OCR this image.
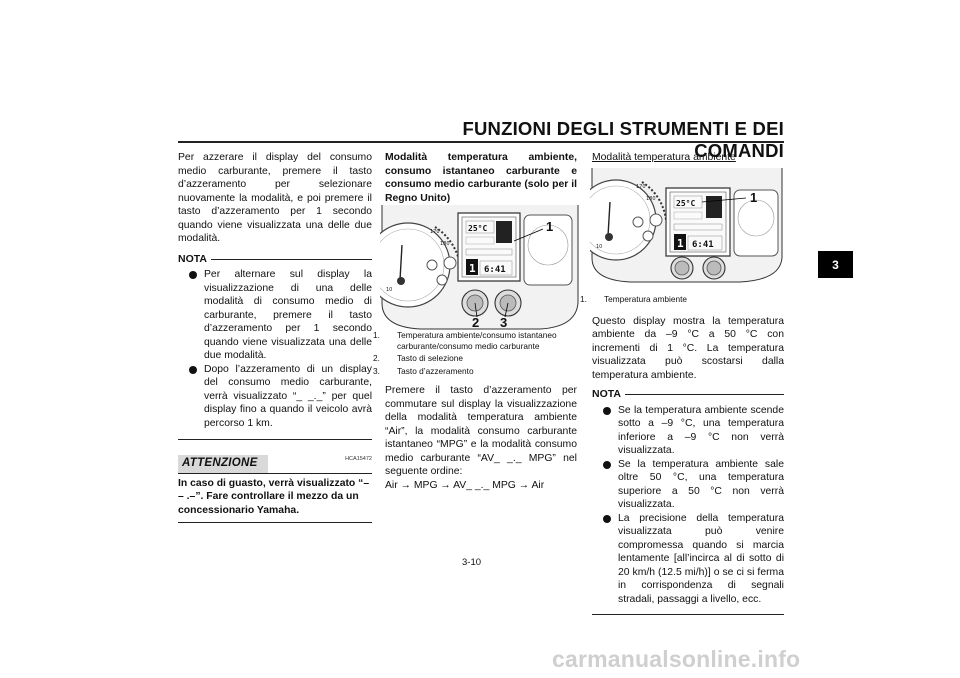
FUNZIONI DEGLI STRUMENTI E DEI COMANDI
3

Per azzerare il display del consumo medio carburante, premere il tasto d’azzeramento per selezionare nuovamente la modalità, e poi premere il tasto d’azzeramento per 1 secondo quando viene visualizzata una delle due modalità.

NOTA
Per alternare sul display la visualizzazione di una delle modalità di consumo medio di carburante, premere il tasto d’azzeramento per 1 secondo quando viene visualizzata una delle due modalità.
Dopo l’azzeramento di un display del consumo medio carburante, verrà visualizzato “_ _._” per quel display fino a quando il veicolo avrà percorso 1 km.
ATTENZIONE	HCA15472

In caso di guasto, verrà visualizzato “– – .–”. Fare controllare il mezzo da un concessionario Yamaha.

Modalità temperatura ambiente, consumo istantaneo carburante e consumo medio carburante (solo per il Regno Unito)

10
170
180
25°C
6:41
1
1
2 3
1. Temperatura ambiente/consumo istantaneo carburante/consumo medio carburante
2. Tasto di selezione
3. Tasto d’azzeramento

Premere il tasto d’azzeramento per commutare sul display la visualizzazione della modalità temperatura ambiente “Air”, la modalità consumo carburante istantaneo “MPG” e la modalità consumo medio carburante “AV_ _._ MPG” nel seguente ordine:

Air → MPG → AV_ _._ MPG → Air

Modalità temperatura ambiente

10
170
180	25°C
6:41
1
1
1. Temperatura ambiente

Questo display mostra la temperatura ambiente da –9 °C a 50 °C con incrementi di 1 °C. La temperatura visualizzata può scostarsi dalla temperatura ambiente.

NOTA
Se la temperatura ambiente scende sotto a –9 °C, una temperatura inferiore a –9 °C non verrà visualizzata.
Se la temperatura ambiente sale oltre 50 °C, una temperatura superiore a 50 °C non verrà visualizzata.
La precisione della temperatura visualizzata può venire compromessa quando si marcia lentamente [all’incirca al di sotto di 20 km/h (12.5 mi/h)] o se ci si ferma in corrispondenza di segnali stradali, passaggi a livello, ecc.
3-10
carmanualsonline.info
